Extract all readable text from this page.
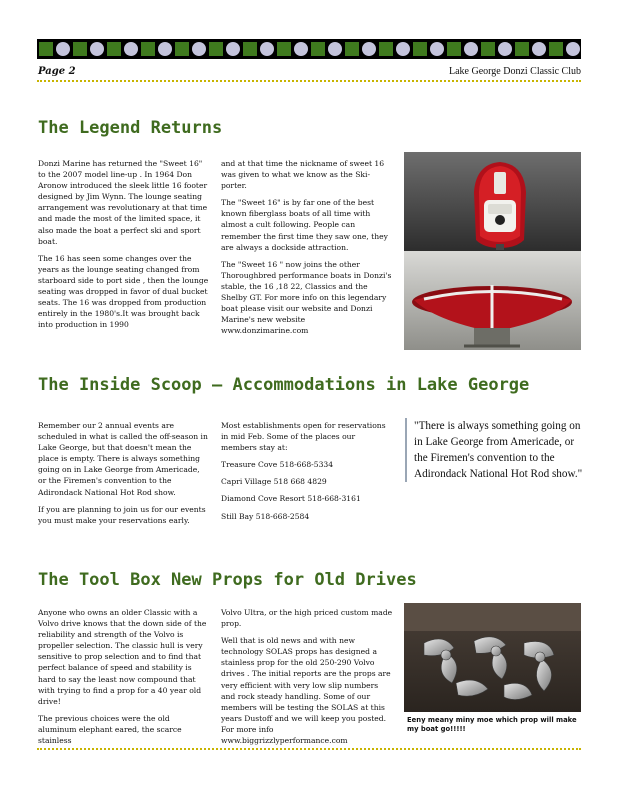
Page 2	Lake George Donzi Classic Club
The Legend Returns

Donzi Marine has returned the "Sweet 16" to the 2007 model line-up . In 1964 Don Aronow introduced the sleek little 16 footer designed by Jim Wynn. The lounge seating arrangement was revolutionary at that time and made the most of the limited space, it also made the boat a perfect ski and sport boat.

The 16 has seen some changes over the years as the lounge seating changed from starboard side to port side , then the lounge seating was dropped in favor of dual bucket seats. The 16 was dropped from production entirely in the 1980's.It was brought back into production in 1990

and at that time the nickname of sweet 16 was given to what we know as the Ski-porter.

The "Sweet 16" is by far one of the best known fiberglass boats of all time with almost a cult following. People can remember the first time they saw one, they are always a dockside attraction.

The "Sweet 16 " now joins the other Thoroughbred performance boats in Donzi's stable, the 16 ,18 22, Classics and the Shelby GT. For more info on this legendary boat please visit our website and Donzi Marine's new website www.donzimarine.com

The Inside Scoop — Accommodations in Lake George

Remember our 2 annual events are scheduled in what is called the off-season in Lake George, but that doesn't mean the place is empty. There is always something going on in Lake George from Americade, or the Firemen's convention to the Adirondack National Hot Rod show.

If you are planning to join us for our events you must make your reservations early.

Most establishments open for reservations in mid Feb. Some of the places our members stay at:

Treasure Cove 518-668-5334

Capri Village 518 668 4829

Diamond Cove Resort 518-668-3161

Still Bay 518-668-2584

"There is always something going on in Lake George from Americade, or the Firemen's convention to the Adirondack National Hot Rod show."
The Tool Box New Props for Old Drives

Anyone who owns an older Classic with a Volvo drive knows that the down side of the reliability and strength of the Volvo is propeller selection. The classic hull is very sensitive to prop selection and to find that perfect balance of speed and stability is hard to say the least now compound that with trying to find a prop for a 40 year old drive!

The previous choices were the old aluminum elephant eared, the scarce stainless

Volvo Ultra, or the high priced custom made prop.

Well that is old news and with new technology SOLAS props has designed a stainless prop for the old 250-290 Volvo drives . The initial reports are the props are very efficient with very low slip numbers and rock steady handling. Some of our members will be testing the SOLAS at this years Dustoff and we will keep you posted. For more info www.biggrizzlyperformance.com

Eeny meany miny moe which prop will make my boat go!!!!!
